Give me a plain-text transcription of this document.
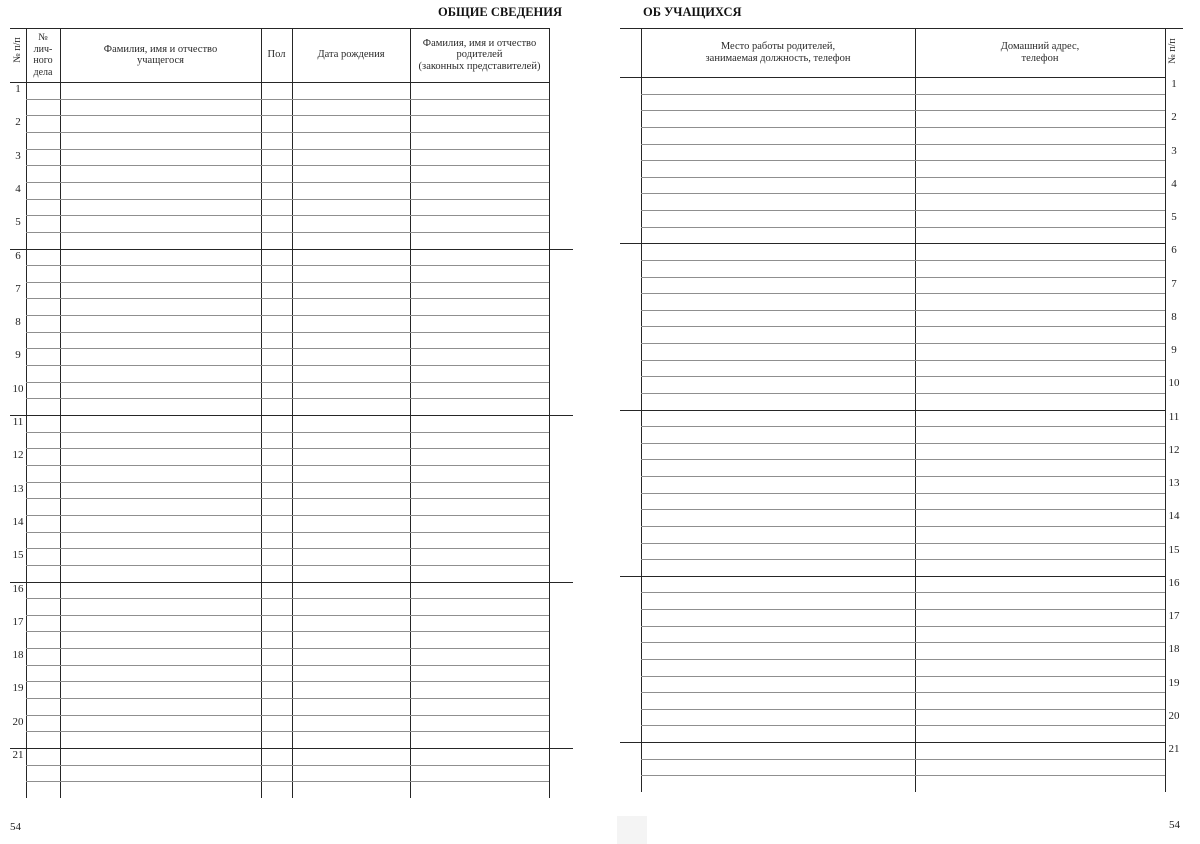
ОБЩИЕ СВЕДЕНИЯ
№ п/п №
лич-
ного
дела
Фамилия, имя и отчество
учащегося
Пол	Дата рождения
Фамилия, имя и отчество
родителей
(законных представителей)
1
2
3
4
5
6
7
8
9
10
11
12
13
14
15
16
17
18
19
20
21
54
ОБ УЧАЩИХСЯ
Место работы родителей,
занимаемая должность, телефон
Домашний адрес,
телефон	№ п/п
1
2
3
4
5
6
7
8
9
10
11
12
13
14
15
16
17
18
19
20
21
54
